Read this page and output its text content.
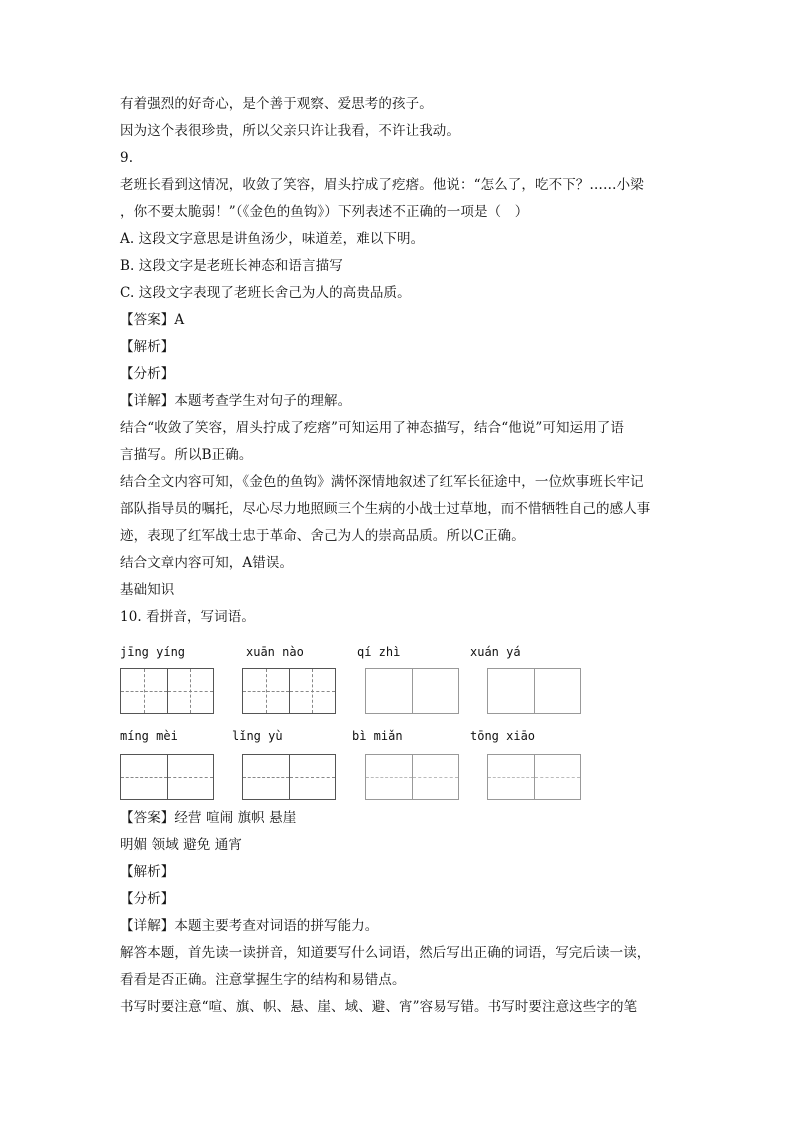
有着强烈的好奇心，是个善于观察、爱思考的孩子。
因为这个表很珍贵，所以父亲只许让我看，不许让我动。
9.
老班长看到这情况，收敛了笑容，眉头拧成了疙瘩。他说：“怎么了，吃不下？……小梁
，你不要太脆弱！”（《金色的鱼钩》）下列表述不正确的一项是（　）
A. 这段文字意思是讲鱼汤少，味道差，难以下明。
B. 这段文字是老班长神态和语言描写
C. 这段文字表现了老班长舍己为人的高贵品质。
【答案】A
【解析】
【分析】
【详解】本题考查学生对句子的理解。
结合“收敛了笑容，眉头拧成了疙瘩”可知运用了神态描写，结合“他说”可知运用了语
言描写。所以B正确。
结合全文内容可知，《金色的鱼钩》满怀深情地叙述了红军长征途中，一位炊事班长牢记
部队指导员的嘱托，尽心尽力地照顾三个生病的小战士过草地，而不惜牺牲自己的感人事
迹，表现了红军战士忠于革命、舍己为人的崇高品质。所以C正确。
结合文章内容可知，A错误。
基础知识
10. 看拼音，写词语。
jīng yíng	xuān nào	qí zhì	xuán yá
míng mèi	lǐng yù	bì miǎn	tōng xiāo
【答案】经营 喧闹 旗帜 悬崖
明媚 领域 避免 通宵
【解析】
【分析】
【详解】本题主要考查对词语的拼写能力。
解答本题，首先读一读拼音，知道要写什么词语，然后写出正确的词语，写完后读一读，
看看是否正确。注意掌握生字的结构和易错点。
书写时要注意“喧、旗、帜、悬、崖、域、避、宵”容易写错。书写时要注意这些字的笔
